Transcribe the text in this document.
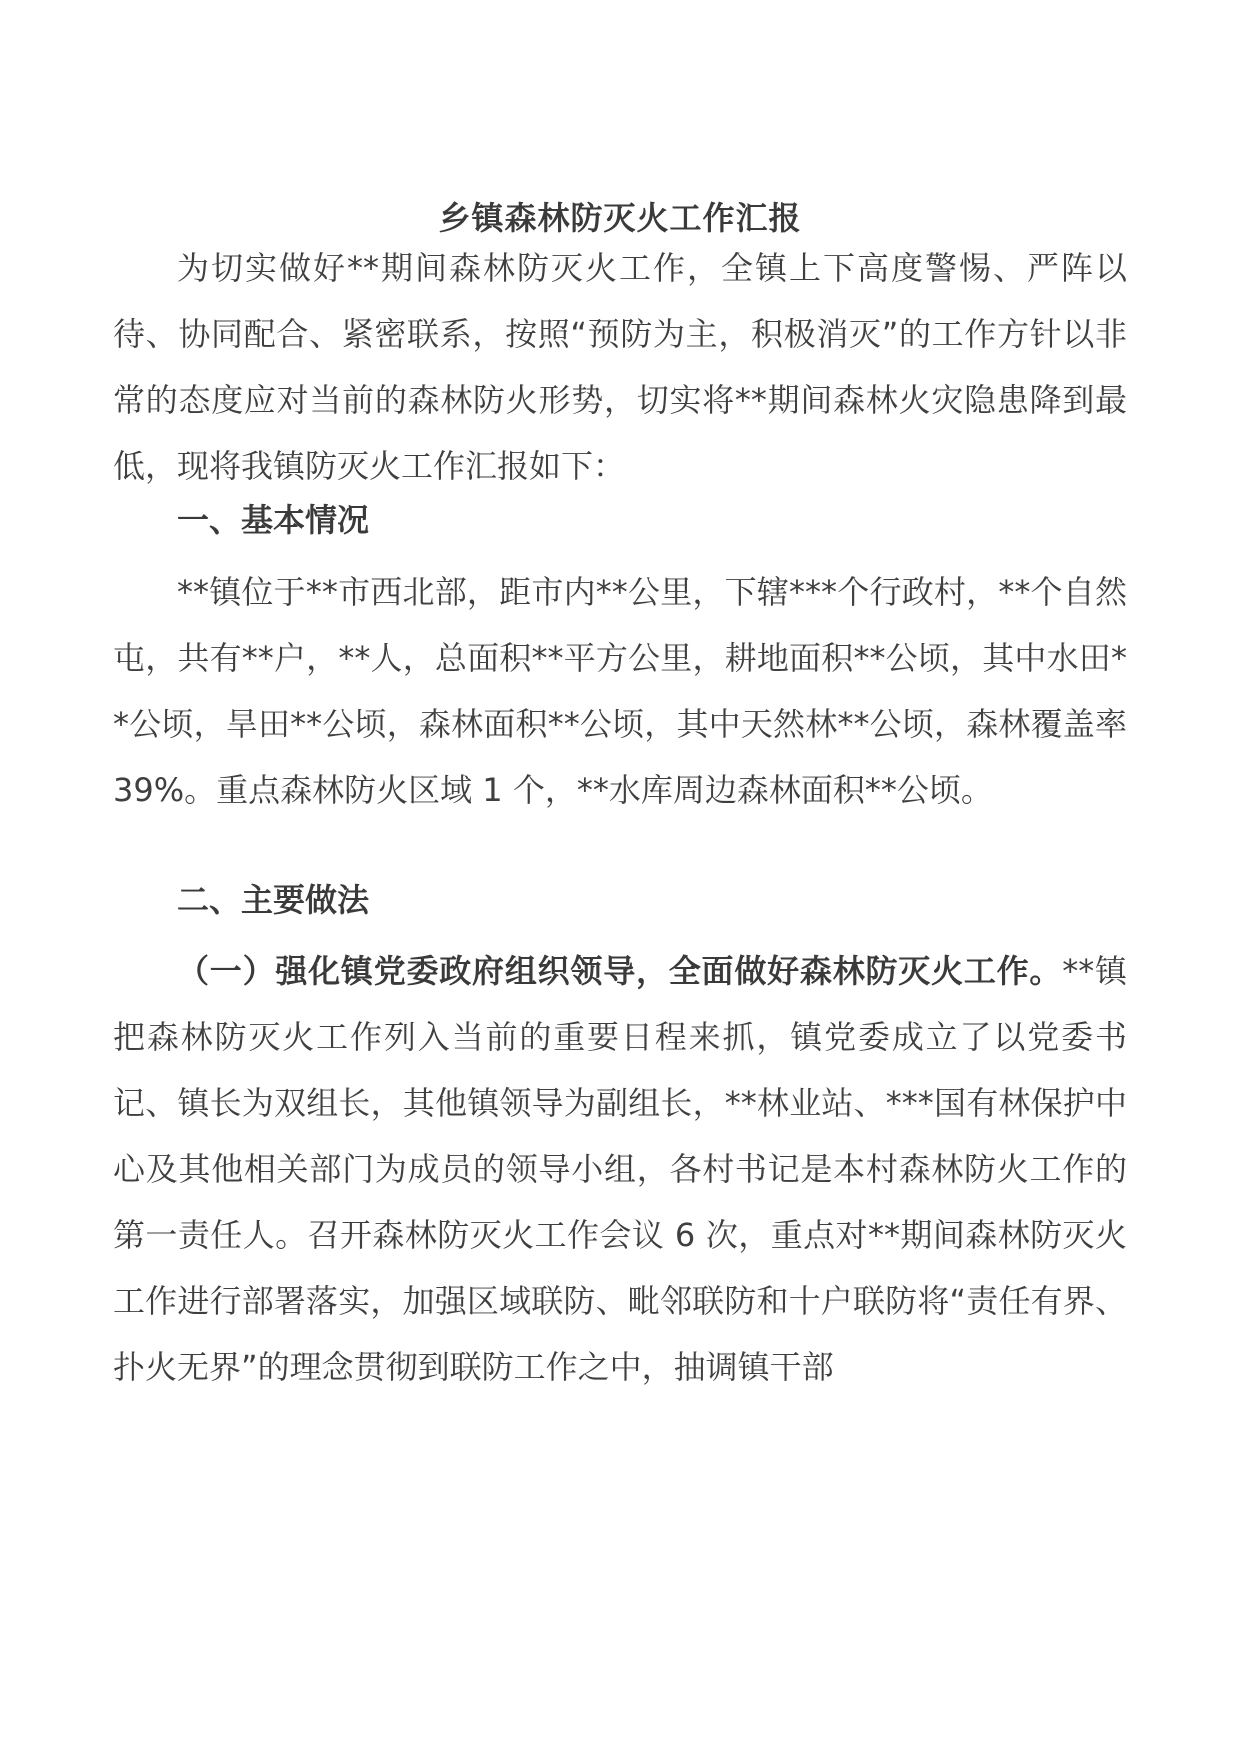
乡镇森林防灭火工作汇报
为切实做好**期间森林防灭火工作，全镇上下高度警惕、严阵以待、协同配合、紧密联系，按照“预防为主，积极消灭”的工作方针以非常的态度应对当前的森林防火形势，切实将**期间森林火灾隐患降到最低，现将我镇防灭火工作汇报如下：
一、基本情况
**镇位于**市西北部，距市内**公里，下辖***个行政村，**个自然屯，共有**户，**人，总面积**平方公里，耕地面积**公顷，其中水田**公顷，旱田**公顷，森林面积**公顷，其中天然林**公顷，森林覆盖率 39%。重点森林防火区域 1 个，**水库周边森林面积**公顷。
二、主要做法
（一）强化镇党委政府组织领导，全面做好森林防灭火工作。**镇把森林防灭火工作列入当前的重要日程来抓，镇党委成立了以党委书记、镇长为双组长，其他镇领导为副组长，**林业站、***国有林保护中心及其他相关部门为成员的领导小组，各村书记是本村森林防火工作的第一责任人。召开森林防灭火工作会议 6 次，重点对**期间森林防灭火工作进行部署落实，加强区域联防、毗邻联防和十户联防将“责任有界、扑火无界”的理念贯彻到联防工作之中，抽调镇干部
